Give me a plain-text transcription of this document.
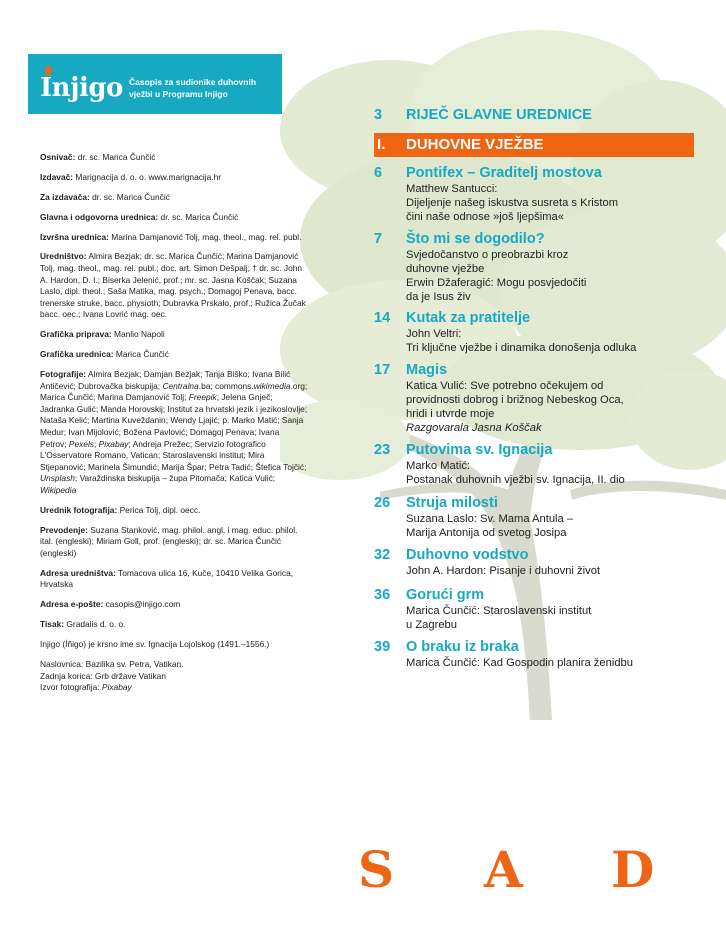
Injigo Časopis za sudionike duhovnih vježbi u Programu Injigo

Osnivač: dr. sc. Marica Čunčić

Izdavač: Marignacija d. o. o. www.marignacija.hr

Za izdavača: dr. sc. Marica Čunčić

Glavna i odgovorna urednica: dr. sc. Marica Čunčić

Izvršna urednica: Marina Damjanović Tolj, mag. theol., mag. rel. publ.

Uredništvo: Almira Bezjak; dr. sc. Marica Čunčić; Marina Damjanović Tolj, mag. theol., mag. rel. publ.; doc. art. Simon Dešpalj; † dr. sc. John A. Hardon, D. I.; Biserka Jelenić, prof.; mr. sc. Jasna Koščak; Suzana Laslo, dipl. theol.; Saša Matika, mag. psych.; Domagoj Penava, bacc. trenerske struke, bacc. physioth; Dubravka Prskalo, prof.; Ružica Žučak bacc. oec.; Ivana Lovrić mag. oec.

Grafička priprava: Manlio Napoli

Grafička urednica: Marica Čunčić

Fotografije: Almira Bezjak; Damjan Bezjak; Tanja Biško; Ivana Bilić Antičević; Dubrovačka biskupija; Centralna.ba; commons.wikimedia.org; Marica Čunčić; Marina Damjanović Tolj; Freepik; Jelena Gnječ; Jadranka Gulić; Manda Horovskij; Institut za hrvatski jezik i jezikoslovlje; Nataša Kelić; Martina Kuveždanin; Wendy Ljajić; p. Marko Matić; Sanja Medur; Ivan Mijolović; Božena Pavlović; Domagoj Penava; Ivana Petrov; Pexels; Pixabay; Andreja Prežec; Servizio fotografico L'Osservatore Romano, Vatican; Staroslavenski institut; Mira Stjepanović; Marinela Šimundić; Marija Špar; Petra Tadić; Štefica Tojčić; Unsplash; Varaždinska biskupija – župa Pitomača; Katica Vulić; Wikipedia

Urednik fotografija: Perica Tolj, dipl. oecc.

Prevodenje: Suzana Stanković, mag. philol. angl. i mag. educ. philol. ital. (engleski); Miriam Goll, prof. (engleski); dr. sc. Marica Čunčić (engleski)

Adresa uredništva: Tomacova ulica 16, Kuče, 10410 Velika Gorica, Hrvatska

Adresa e-pošte: casopis@injigo.com

Tisak: Gradalis d. o. o.

Injigo (Íñigo) je krsno ime sv. Ignacija Lojolskog (1491.–1556.)

Naslovnica: Bazilika sv. Petra, Vatikan.
Zadnja korica: Grb države Vatikan
Izvor fotografija: Pixabay
3 RIJEČ GLAVNE UREDNICE
I.	DUHOVNE VJEŽBE
6 Pontifex – Graditelj mostova
Matthew Santucci:
Dijeljenje našeg iskustva susreta s Kristom
čini naše odnose »još ljepšima«
7 Što mi se dogodilo?
Svjedočanstvo o preobrazbi kroz
duhovne vježbe
Erwin Džaferagić: Mogu posvjedočiti
da je Isus živ
14 Kutak za pratitelje
John Veltri:
Tri ključne vježbe i dinamika donošenja odluka
17 Magis
Katica Vulić: Sve potrebno očekujem od
providnosti dobrog i brižnog Nebeskog Oca,
hridi i utvrde moje
Razgovarala Jasna Koščak
23 Putovima sv. Ignacija
Marko Matić:
Postanak duhovnih vježbi sv. Ignacija, II. dio
26 Struja milosti
Suzana Laslo: Sv. Mama Antula –
Marija Antonija od svetog Josipa
32 Duhovno vodstvo
John A. Hardon: Pisanje i duhovni život
36 Gorući grm
Marica Čunčić: Staroslavenski institut
u Zagrebu
39 O braku iz braka
Marica Čunčić: Kad Gospodin planira ženidbu
S A D
